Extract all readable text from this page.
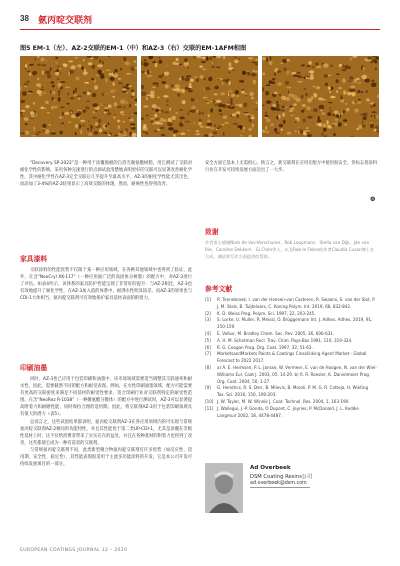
38 氨丙啶交联剂
图5 EM-1（左）、AZ-2交联的EM-1（中）和AZ-3（右）交联的EM-1AFM相图

“Decovery SP-2022”是一种用于涂覆地板的自消光聚氨酯树脂，用它测试了交联对耐化学性的影响。采用各种完速进行的点滴试验清楚地表明更好的交联可以显著改善耐化学性。其中耐化学性在AZ-3完全交联后几乎提升至最高水平。AZ-3的耐化学性能尤其出色，而添加了3-4%的AZ-2结果显示了高效交联的体现，然而，耐候性也得到改善。

家具漆料

交联涂料的性能优势不仅限于某一种应用领域，在各种其他领域中也得到了验证，此外，在含“NeoCryl XK-117”（一种应用面广泛的高固体分树脂）的配方中，对AZ-3进行了评估。如表4所示，该体系的家具防护性能呈现了非常好的提升：与AZ-2相比，AZ-3也有效地提升了耐化学性，在AZ-3加入前的体系中，耐沸水性明显较差，而AZ-3的效果也与CDI-1大体相当，氨丙啶交联剂可有效地保护家具基材表面的附着力。

印刷油墨

同时，AZ-3也已应用于包装印刷和油墨中，该市场领域需要适当调整其交联速率和耐水性，因此，需要截然不同的配方和耐受表现。例如，在水性印刷油墨领域，配方可能需要有更高的交联密度来满足不同基材的耐受性要求，适合印刷行业对交联剂特定的耐受性范围。在含“NeoRez R-1038”（一种聚氨酯分散体）的配方中进行测试时，AZ-3可以显著提高附着力和耐磨性能，同时保持合理的适用期。因此，将交联剂AZ-3用于包装印刷领域具有很大的潜力（表5）。

总而言之，这些试验结果都表明，氨丙啶交联剂AZ-3在各应用领域内的可实现与常规氨丙啶交联剂AZ-2相同的功能特性，并且其性能优于第二类UP-CDI-1，尤其是涂覆在非极性基材上时，这不仅给消费者带来了实实在在的益处，并且在各种基材的附着力也得到了改善，这些都使它成为一种有前景的交联剂。

与常规氨丙啶交联剂不同，此类新型聚合物氨丙啶交联剂有许多优势（如反应性、适用期、安全性、稳定性），其性能表现很适用于主流多功能涂料的开发，它是本公司开发可持续发展项目的一部分。

安全方面它基本上无需担心。换言之，新交联剂在应用在配方中使用很安全，但标志着涂料行业在开发可持续发展方面迈出了一大步。

❹
致谢
作者衷心感谢Niels de Vos-Verschuren、Rob Loopmans、Stella van Dijk、Jan van Rie、Caroline Dekkers、Gi Chen等人，以及Rob le Febre的作者Claudia Cusan博士在合成、测试和写作方面提供的帮助。
参考文献
[1]	R. Tennebroek, I. van der Hoeven-van Casteren, R. Swaans, S. van der Slot, P. J. M. Stals, B. Tuijtelaars, C. Koning Polym. Int. 2019, 68, 832-842.
[2]	K. D. Weiss Prog. Polym. Sci. 1997, 22, 203-245.
[3]	S. Lorke, U. Muller, R. Meissl, O. Brüggemann Int. J. Adhes. Adhes. 2019, 91, 150-159.
[4]	E. Valkur, M. Bradley Chem. Soc. Rev. 2005, 36, 606-631.
[5]	A. H. M. Schotman Recl. Trav. Chim. Pays-Bas 1991, 110, 319-324.
[6]	R. G. Coogan Prog. Org. Coat. 1997, 32, 51-63.
[7]	MarketsandMarkets Paints & Coatings Crosslinking Agent Market - Global Forecast to 2022 2017.
[8]	a) A. E. Hermsen, P. L. Jansse, W. Vermeer, E. van de Hoogen, N. van der Wiel-Williams Eur. Coat J. 2003, 05, 14-29. b) R. R. Roesler, K. Danielmeier Prog. Org. Coat. 2004, 50, 1-27.
[9]	G. Hendrics, R. S. Derr, B. Milevis, B. Moroli, P. M. G. R. Catteja, H. Wieting Tox. Sci. 2016, 150, 190-203.
[10] J. W. Taylor, M. W. Winnik J. Coat. Technol. Res. 2004, 1, 163-190.
[11] J. Wallegui, J.-P. Gonda, O Dupont, C. Jeyries, P. McDonald, J. L. Keddie Langmuir 2002, 18, 4478-4487.
Ad Overbeek
DSM Coating Resins公司
ad.overbeek@dsm.com
EUROPEAN COATINGS JOURNAL 12 – 2020
